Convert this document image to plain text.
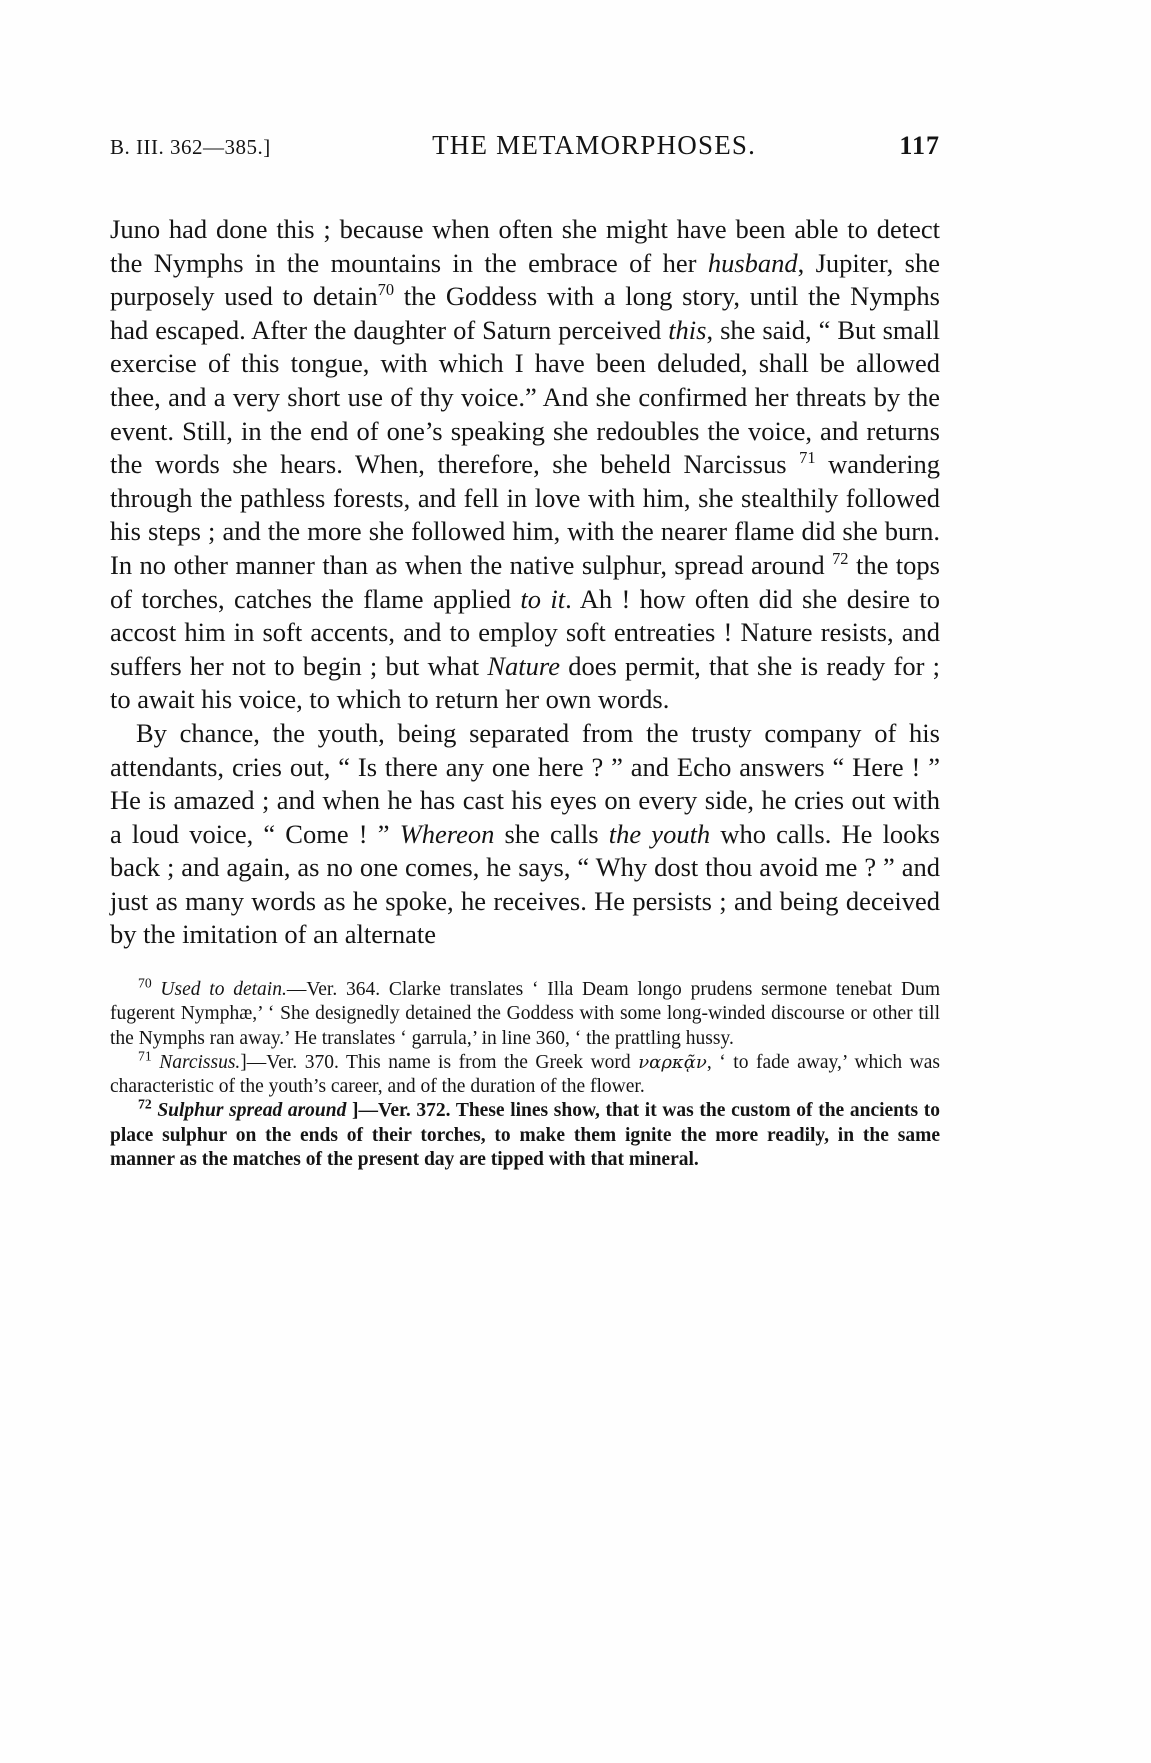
B. III. 362—385.]	THE METAMORPHOSES.	117

Juno had done this ; because when often she might have been able to detect the Nymphs in the mountains in the embrace of her husband, Jupiter, she purposely used to detain$^{70}$ the Goddess with a long story, until the Nymphs had escaped. After the daughter of Saturn perceived this, she said, “ But small exercise of this tongue, with which I have been deluded, shall be allowed thee, and a very short use of thy voice.” And she confirmed her threats by the event. Still, in the end of one’s speaking she redoubles the voice, and returns the words she hears. When, therefore, she beheld Narcissus $^{71}$ wandering through the pathless forests, and fell in love with him, she stealthily followed his steps ; and the more she followed him, with the nearer flame did she burn. In no other manner than as when the native sulphur, spread around $^{72}$ the tops of torches, catches the flame applied to it. Ah ! how often did she desire to accost him in soft accents, and to employ soft entreaties ! Nature resists, and suffers her not to begin ; but what Nature does permit, that she is ready for ; to await his voice, to which to return her own words.

By chance, the youth, being separated from the trusty company of his attendants, cries out, “ Is there any one here ? ” and Echo answers “ Here ! ” He is amazed ; and when he has cast his eyes on every side, he cries out with a loud voice, “ Come ! ” Whereon she calls the youth who calls. He looks back ; and again, as no one comes, he says, “ Why dost thou avoid me ? ” and just as many words as he spoke, he receives. He persists ; and being deceived by the imitation of an alternate

$^{70}$ Used to detain.—Ver. 364. Clarke translates ‘ Illa Deam longo prudens sermone tenebat Dum fugerent Nymphæ,’ ‘ She designedly detained the Goddess with some long-winded discourse or other till the Nymphs ran away.’ He translates ‘ garrula,’ in line 360, ‘ the prattling hussy.

$^{71}$ Narcissus.]—Ver. 370. This name is from the Greek word ναρκᾷν, ‘ to fade away,’ which was characteristic of the youth’s career, and of the duration of the flower.

$^{72}$ Sulphur spread around ]—Ver. 372. These lines show, that it was the custom of the ancients to place sulphur on the ends of their torches, to make them ignite the more readily, in the same manner as the matches of the present day are tipped with that mineral.
